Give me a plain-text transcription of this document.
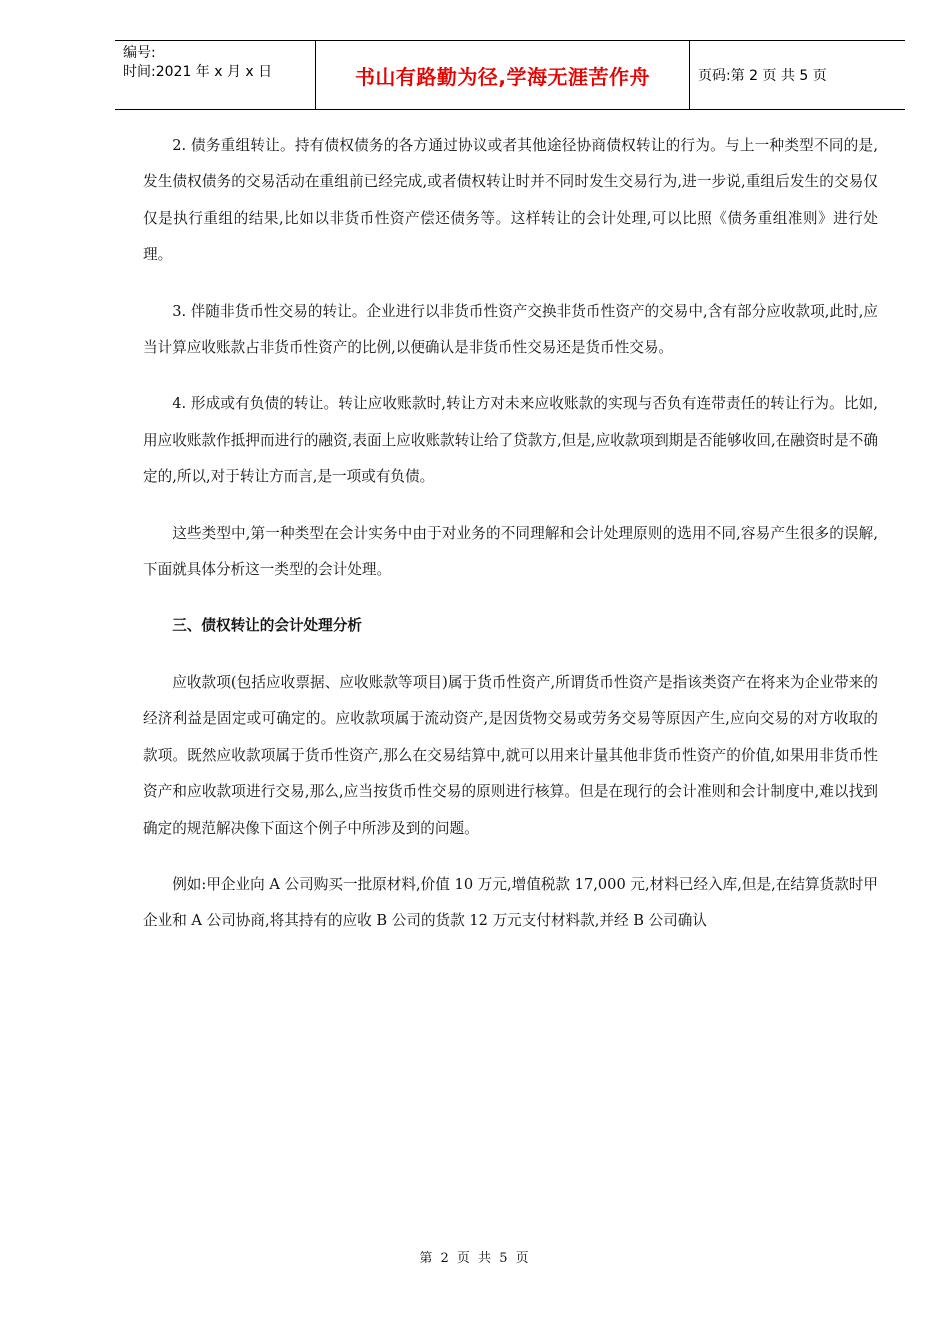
编号:
时间:2021 年 x 月 x 日	书山有路勤为径,学海无涯苦作舟	页码:第 2 页 共 5 页

2. 债务重组转让。持有债权债务的各方通过协议或者其他途径协商债权转让的行为。与上一种类型不同的是,发生债权债务的交易活动在重组前已经完成,或者债权转让时并不同时发生交易行为,进一步说,重组后发生的交易仅仅是执行重组的结果,比如以非货币性资产偿还债务等。这样转让的会计处理,可以比照《债务重组准则》进行处理。

3. 伴随非货币性交易的转让。企业进行以非货币性资产交换非货币性资产的交易中,含有部分应收款项,此时,应当计算应收账款占非货币性资产的比例,以便确认是非货币性交易还是货币性交易。

4. 形成或有负债的转让。转让应收账款时,转让方对未来应收账款的实现与否负有连带责任的转让行为。比如,用应收账款作抵押而进行的融资,表面上应收账款转让给了贷款方,但是,应收款项到期是否能够收回,在融资时是不确定的,所以,对于转让方而言,是一项或有负债。

这些类型中,第一种类型在会计实务中由于对业务的不同理解和会计处理原则的选用不同,容易产生很多的误解,下面就具体分析这一类型的会计处理。

三、债权转让的会计处理分析

应收款项(包括应收票据、应收账款等项目)属于货币性资产,所谓货币性资产是指该类资产在将来为企业带来的经济利益是固定或可确定的。应收款项属于流动资产,是因货物交易或劳务交易等原因产生,应向交易的对方收取的款项。既然应收款项属于货币性资产,那么在交易结算中,就可以用来计量其他非货币性资产的价值,如果用非货币性资产和应收款项进行交易,那么,应当按货币性交易的原则进行核算。但是在现行的会计准则和会计制度中,难以找到确定的规范解决像下面这个例子中所涉及到的问题。

例如:甲企业向 A 公司购买一批原材料,价值 10 万元,增值税款 17,000 元,材料已经入库,但是,在结算货款时甲企业和 A 公司协商,将其持有的应收 B 公司的货款 12 万元支付材料款,并经 B 公司确认

第 2 页 共 5 页
